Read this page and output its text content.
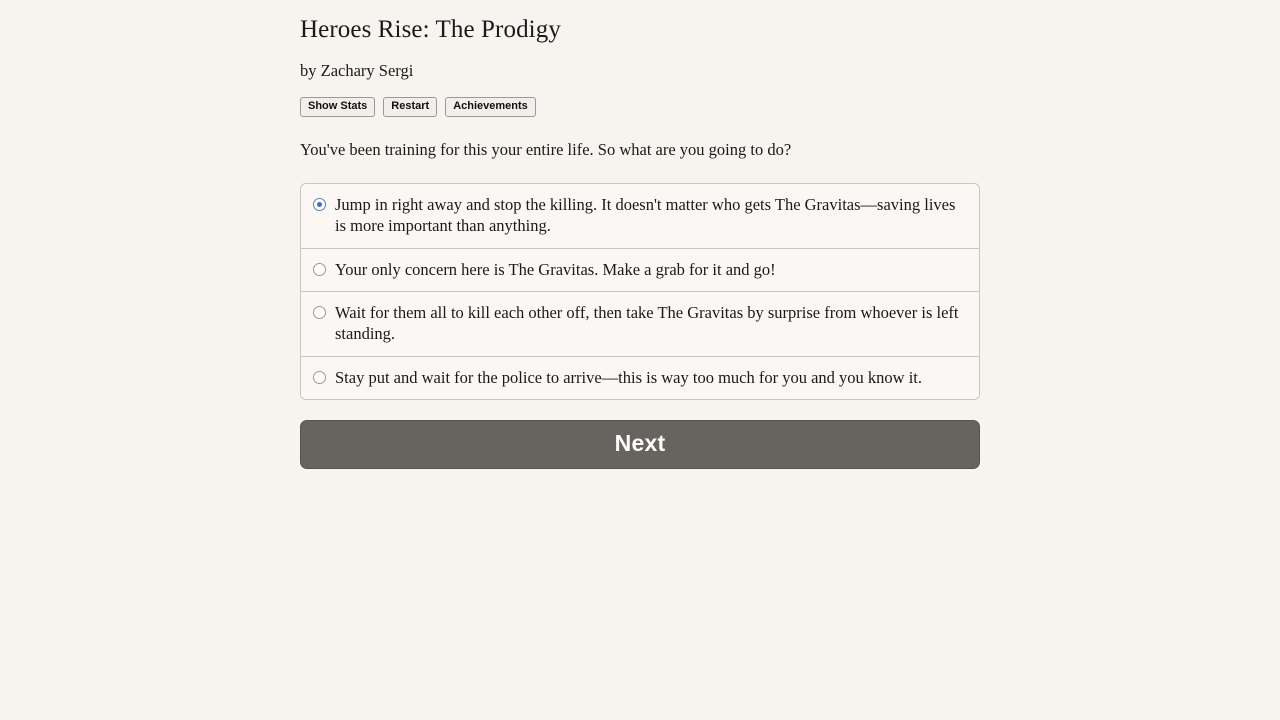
Heroes Rise: The Prodigy
by Zachary Sergi
Show Stats	Restart	Achievements
You've been training for this your entire life. So what are you going to do?
Jump in right away and stop the killing. It doesn't matter who gets The Gravitas—saving lives is more important than anything.
Your only concern here is The Gravitas. Make a grab for it and go!
Wait for them all to kill each other off, then take The Gravitas by surprise from whoever is left standing.
Stay put and wait for the police to arrive—this is way too much for you and you know it.
Next
